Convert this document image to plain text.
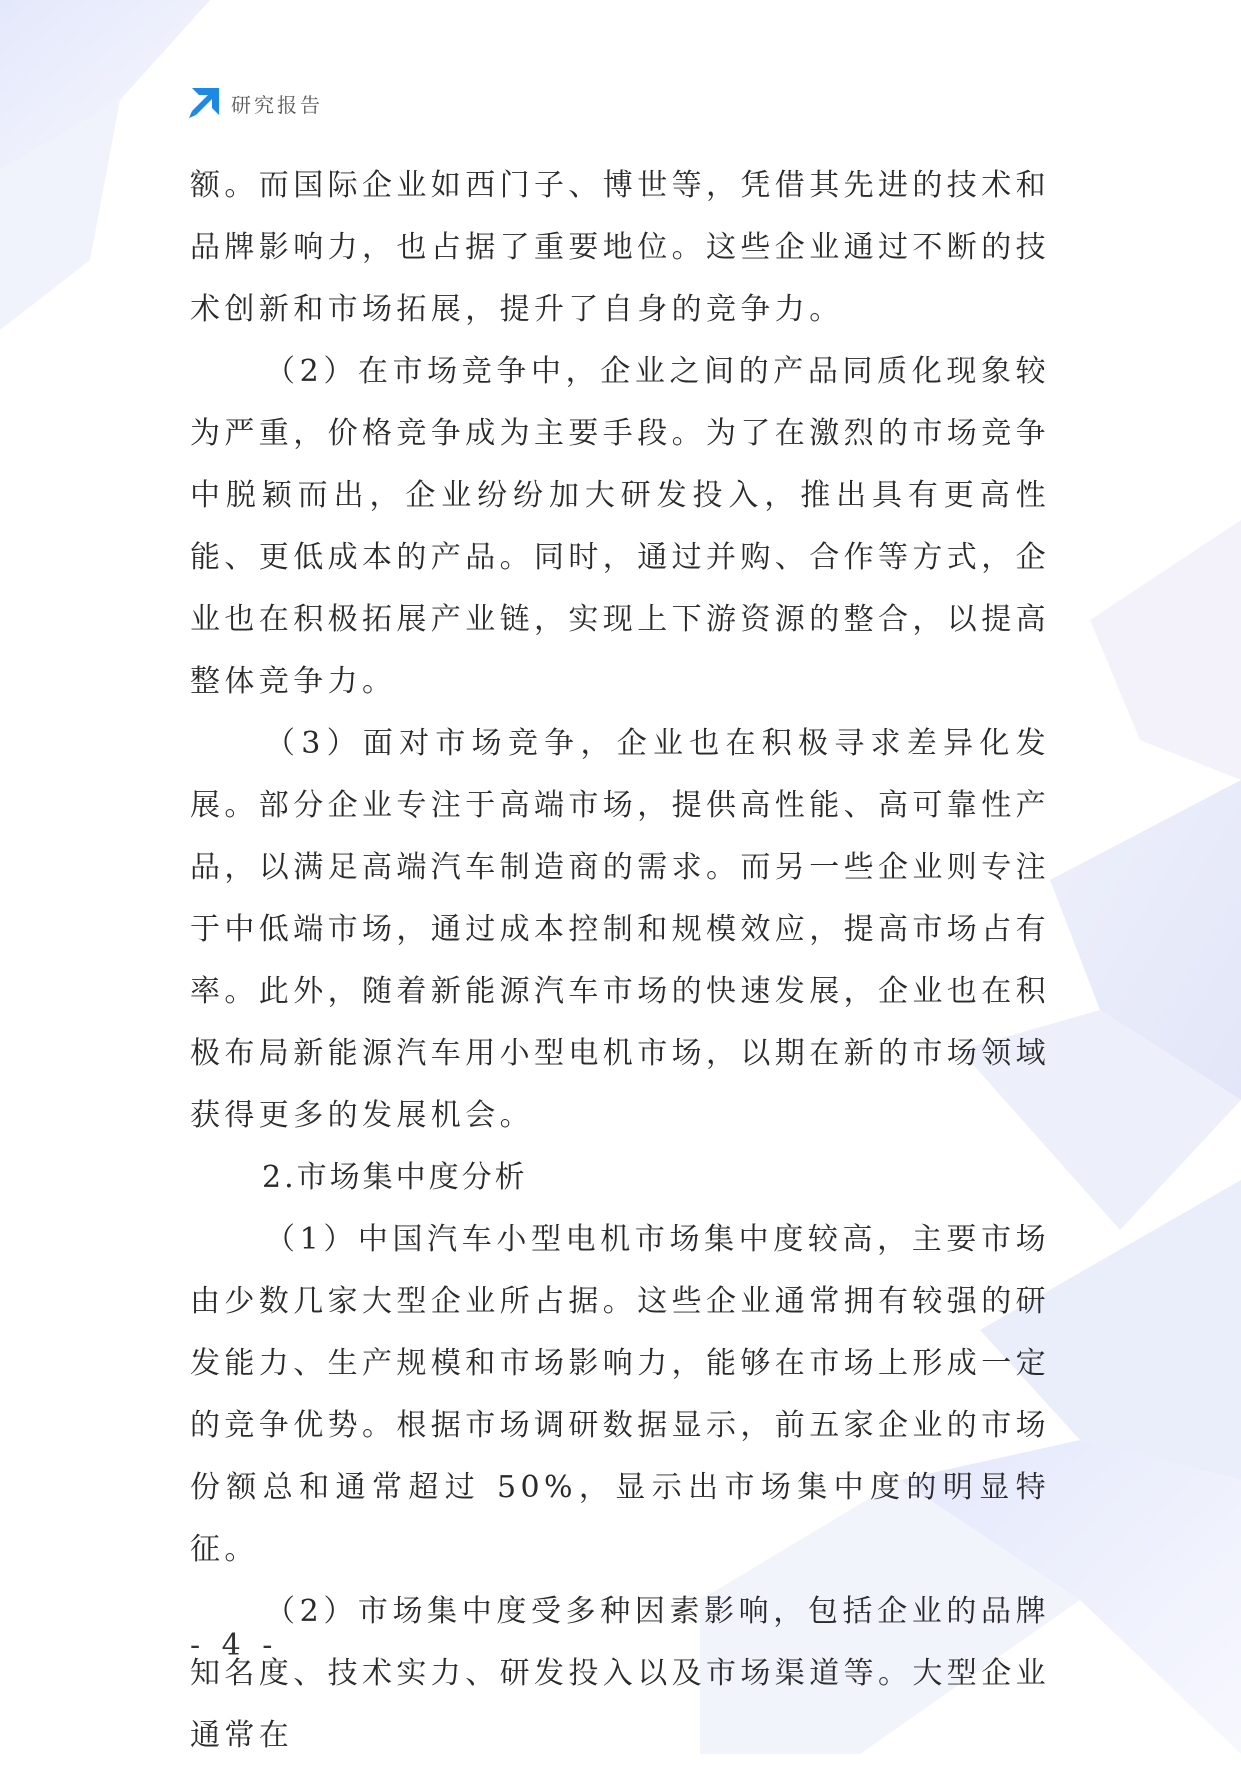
研究报告

额。而国际企业如西门子、博世等，凭借其先进的技术和品牌影响力，也占据了重要地位。这些企业通过不断的技术创新和市场拓展，提升了自身的竞争力。

（2）在市场竞争中，企业之间的产品同质化现象较为严重，价格竞争成为主要手段。为了在激烈的市场竞争中脱颖而出，企业纷纷加大研发投入，推出具有更高性能、更低成本的产品。同时，通过并购、合作等方式，企业也在积极拓展产业链，实现上下游资源的整合，以提高整体竞争力。

（3）面对市场竞争，企业也在积极寻求差异化发展。部分企业专注于高端市场，提供高性能、高可靠性产品，以满足高端汽车制造商的需求。而另一些企业则专注于中低端市场，通过成本控制和规模效应，提高市场占有率。此外，随着新能源汽车市场的快速发展，企业也在积极布局新能源汽车用小型电机市场，以期在新的市场领域获得更多的发展机会。

2.市场集中度分析

（1）中国汽车小型电机市场集中度较高，主要市场由少数几家大型企业所占据。这些企业通常拥有较强的研发能力、生产规模和市场影响力，能够在市场上形成一定的竞争优势。根据市场调研数据显示，前五家企业的市场份额总和通常超过 50%，显示出市场集中度的明显特征。

（2）市场集中度受多种因素影响，包括企业的品牌知名度、技术实力、研发投入以及市场渠道等。大型企业通常在

- 4 -
